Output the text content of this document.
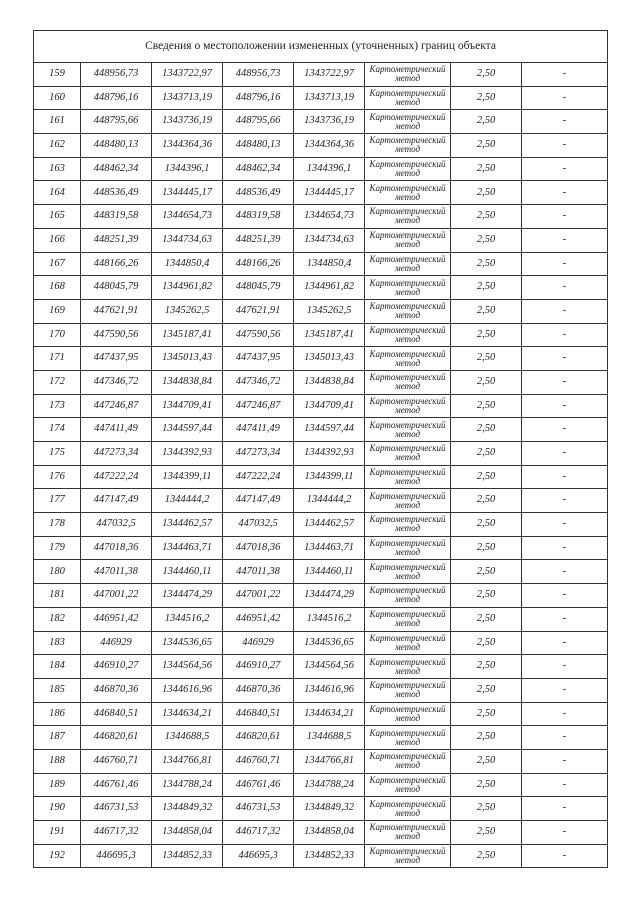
Сведения о местоположении измененных (уточненных) границ объекта							
159	448956,73	1343722,97	448956,73	1343722,97	Картометрический метод	2,50	-
160	448796,16	1343713,19	448796,16	1343713,19	Картометрический метод	2,50	-
161	448795,66	1343736,19	448795,66	1343736,19	Картометрический метод	2,50	-
162	448480,13	1344364,36	448480,13	1344364,36	Картометрический метод	2,50	-
163	448462,34	1344396,1	448462,34	1344396,1	Картометрический метод	2,50	-
164	448536,49	1344445,17	448536,49	1344445,17	Картометрический метод	2,50	-
165	448319,58	1344654,73	448319,58	1344654,73	Картометрический метод	2,50	-
166	448251,39	1344734,63	448251,39	1344734,63	Картометрический метод	2,50	-
167	448166,26	1344850,4	448166,26	1344850,4	Картометрический метод	2,50	-
168	448045,79	1344961,82	448045,79	1344961,82	Картометрический метод	2,50	-
169	447621,91	1345262,5	447621,91	1345262,5	Картометрический метод	2,50	-
170	447590,56	1345187,41	447590,56	1345187,41	Картометрический метод	2,50	-
171	447437,95	1345013,43	447437,95	1345013,43	Картометрический метод	2,50	-
172	447346,72	1344838,84	447346,72	1344838,84	Картометрический метод	2,50	-
173	447246,87	1344709,41	447246,87	1344709,41	Картометрический метод	2,50	-
174	447411,49	1344597,44	447411,49	1344597,44	Картометрический метод	2,50	-
175	447273,34	1344392,93	447273,34	1344392,93	Картометрический метод	2,50	-
176	447222,24	1344399,11	447222,24	1344399,11	Картометрический метод	2,50	-
177	447147,49	1344444,2	447147,49	1344444,2	Картометрический метод	2,50	-
178	447032,5	1344462,57	447032,5	1344462,57	Картометрический метод	2,50	-
179	447018,36	1344463,71	447018,36	1344463,71	Картометрический метод	2,50	-
180	447011,38	1344460,11	447011,38	1344460,11	Картометрический метод	2,50	-
181	447001,22	1344474,29	447001,22	1344474,29	Картометрический метод	2,50	-
182	446951,42	1344516,2	446951,42	1344516,2	Картометрический метод	2,50	-
183	446929	1344536,65	446929	1344536,65	Картометрический метод	2,50	-
184	446910,27	1344564,56	446910,27	1344564,56	Картометрический метод	2,50	-
185	446870,36	1344616,96	446870,36	1344616,96	Картометрический метод	2,50	-
186	446840,51	1344634,21	446840,51	1344634,21	Картометрический метод	2,50	-
187	446820,61	1344688,5	446820,61	1344688,5	Картометрический метод	2,50	-
188	446760,71	1344766,81	446760,71	1344766,81	Картометрический метод	2,50	-
189	446761,46	1344788,24	446761,46	1344788,24	Картометрический метод	2,50	-
190	446731,53	1344849,32	446731,53	1344849,32	Картометрический метод	2,50	-
191	446717,32	1344858,04	446717,32	1344858,04	Картометрический метод	2,50	-
192	446695,3	1344852,33	446695,3	1344852,33	Картометрический метод	2,50	-
